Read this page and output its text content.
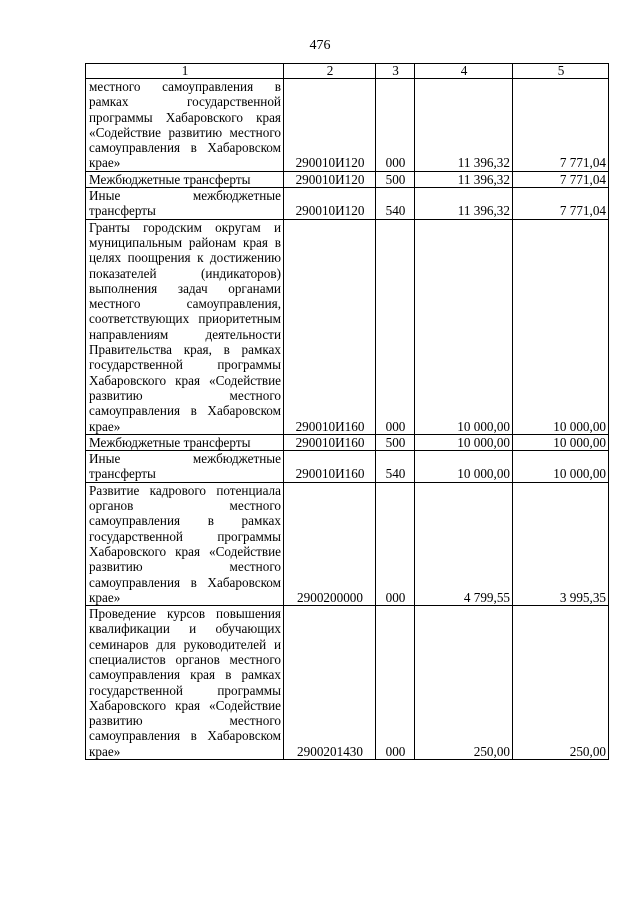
476
1	2	3	4	5
местного самоуправления в рамках государственной программы Хабаровского края «Содействие развитию местного самоуправления в Хабаровском крае»	290010И120	000	11 396,32	7 771,04
Межбюджетные трансферты	290010И120	500	11 396,32	7 771,04
Иные межбюджетные трансферты	290010И120	540	11 396,32	7 771,04
Гранты городским округам и муниципальным районам края в целях поощрения к достижению показателей (индикаторов) выполнения задач органами местного самоуправления, соответствующих приоритетным направлениям деятельности Правительства края, в рамках государственной программы Хабаровского края «Содействие развитию местного самоуправления в Хабаровском крае»	290010И160	000	10 000,00	10 000,00
Межбюджетные трансферты	290010И160	500	10 000,00	10 000,00
Иные межбюджетные трансферты	290010И160	540	10 000,00	10 000,00
Развитие кадрового потенциала органов местного самоуправления в рамках государственной программы Хабаровского края «Содействие развитию местного самоуправления в Хабаровском крае»	2900200000	000	4 799,55	3 995,35
Проведение курсов повышения квалификации и обучающих семинаров для руководителей и специалистов органов местного самоуправления края в рамках государственной программы Хабаровского края «Содействие развитию местного самоуправления в Хабаровском крае»	2900201430	000	250,00	250,00
